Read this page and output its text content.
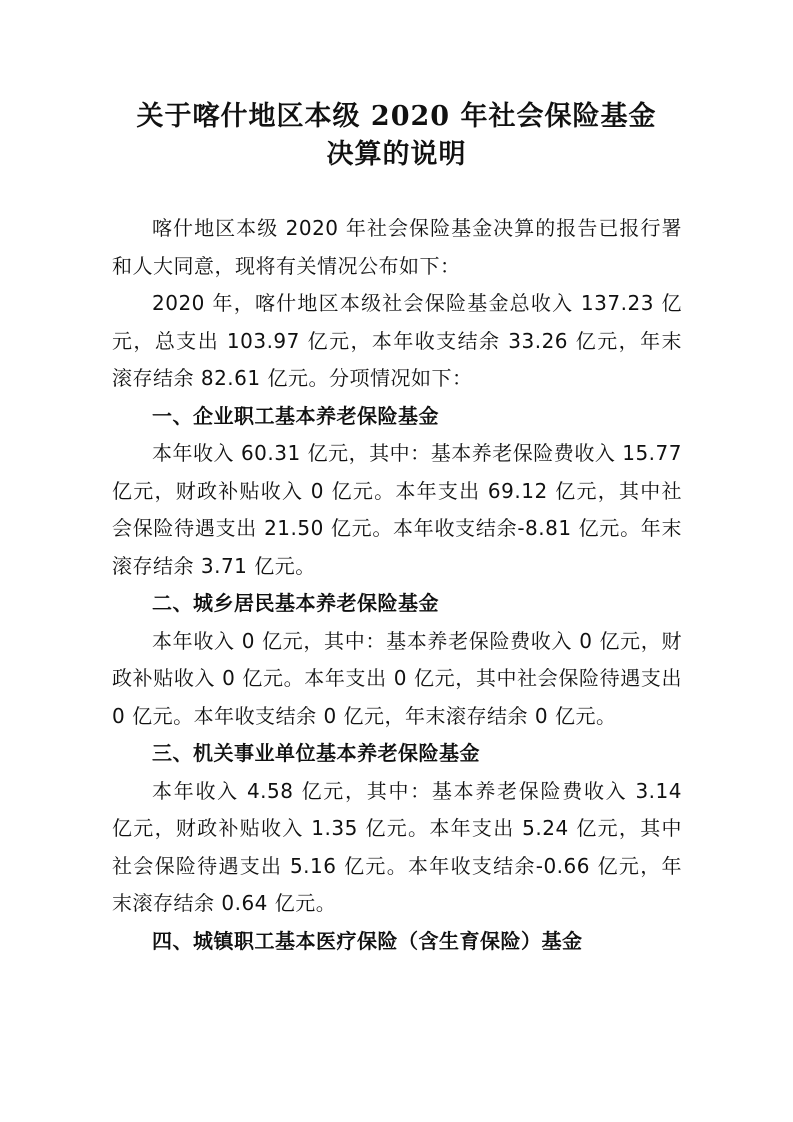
关于喀什地区本级 2020 年社会保险基金
决算的说明

喀什地区本级 2020 年社会保险基金决算的报告已报行署和人大同意，现将有关情况公布如下：

2020 年，喀什地区本级社会保险基金总收入 137.23 亿元，总支出 103.97 亿元，本年收支结余 33.26 亿元，年末滚存结余 82.61 亿元。分项情况如下：

一、企业职工基本养老保险基金

本年收入 60.31 亿元，其中：基本养老保险费收入 15.77 亿元，财政补贴收入 0 亿元。本年支出 69.12 亿元，其中社会保险待遇支出 21.50 亿元。本年收支结余-8.81 亿元。年末滚存结余 3.71 亿元。

二、城乡居民基本养老保险基金

本年收入 0 亿元，其中：基本养老保险费收入 0 亿元，财政补贴收入 0 亿元。本年支出 0 亿元，其中社会保险待遇支出 0 亿元。本年收支结余 0 亿元，年末滚存结余 0 亿元。

三、机关事业单位基本养老保险基金

本年收入 4.58 亿元，其中：基本养老保险费收入 3.14 亿元，财政补贴收入 1.35 亿元。本年支出 5.24 亿元，其中社会保险待遇支出 5.16 亿元。本年收支结余-0.66 亿元，年末滚存结余 0.64 亿元。

四、城镇职工基本医疗保险（含生育保险）基金
